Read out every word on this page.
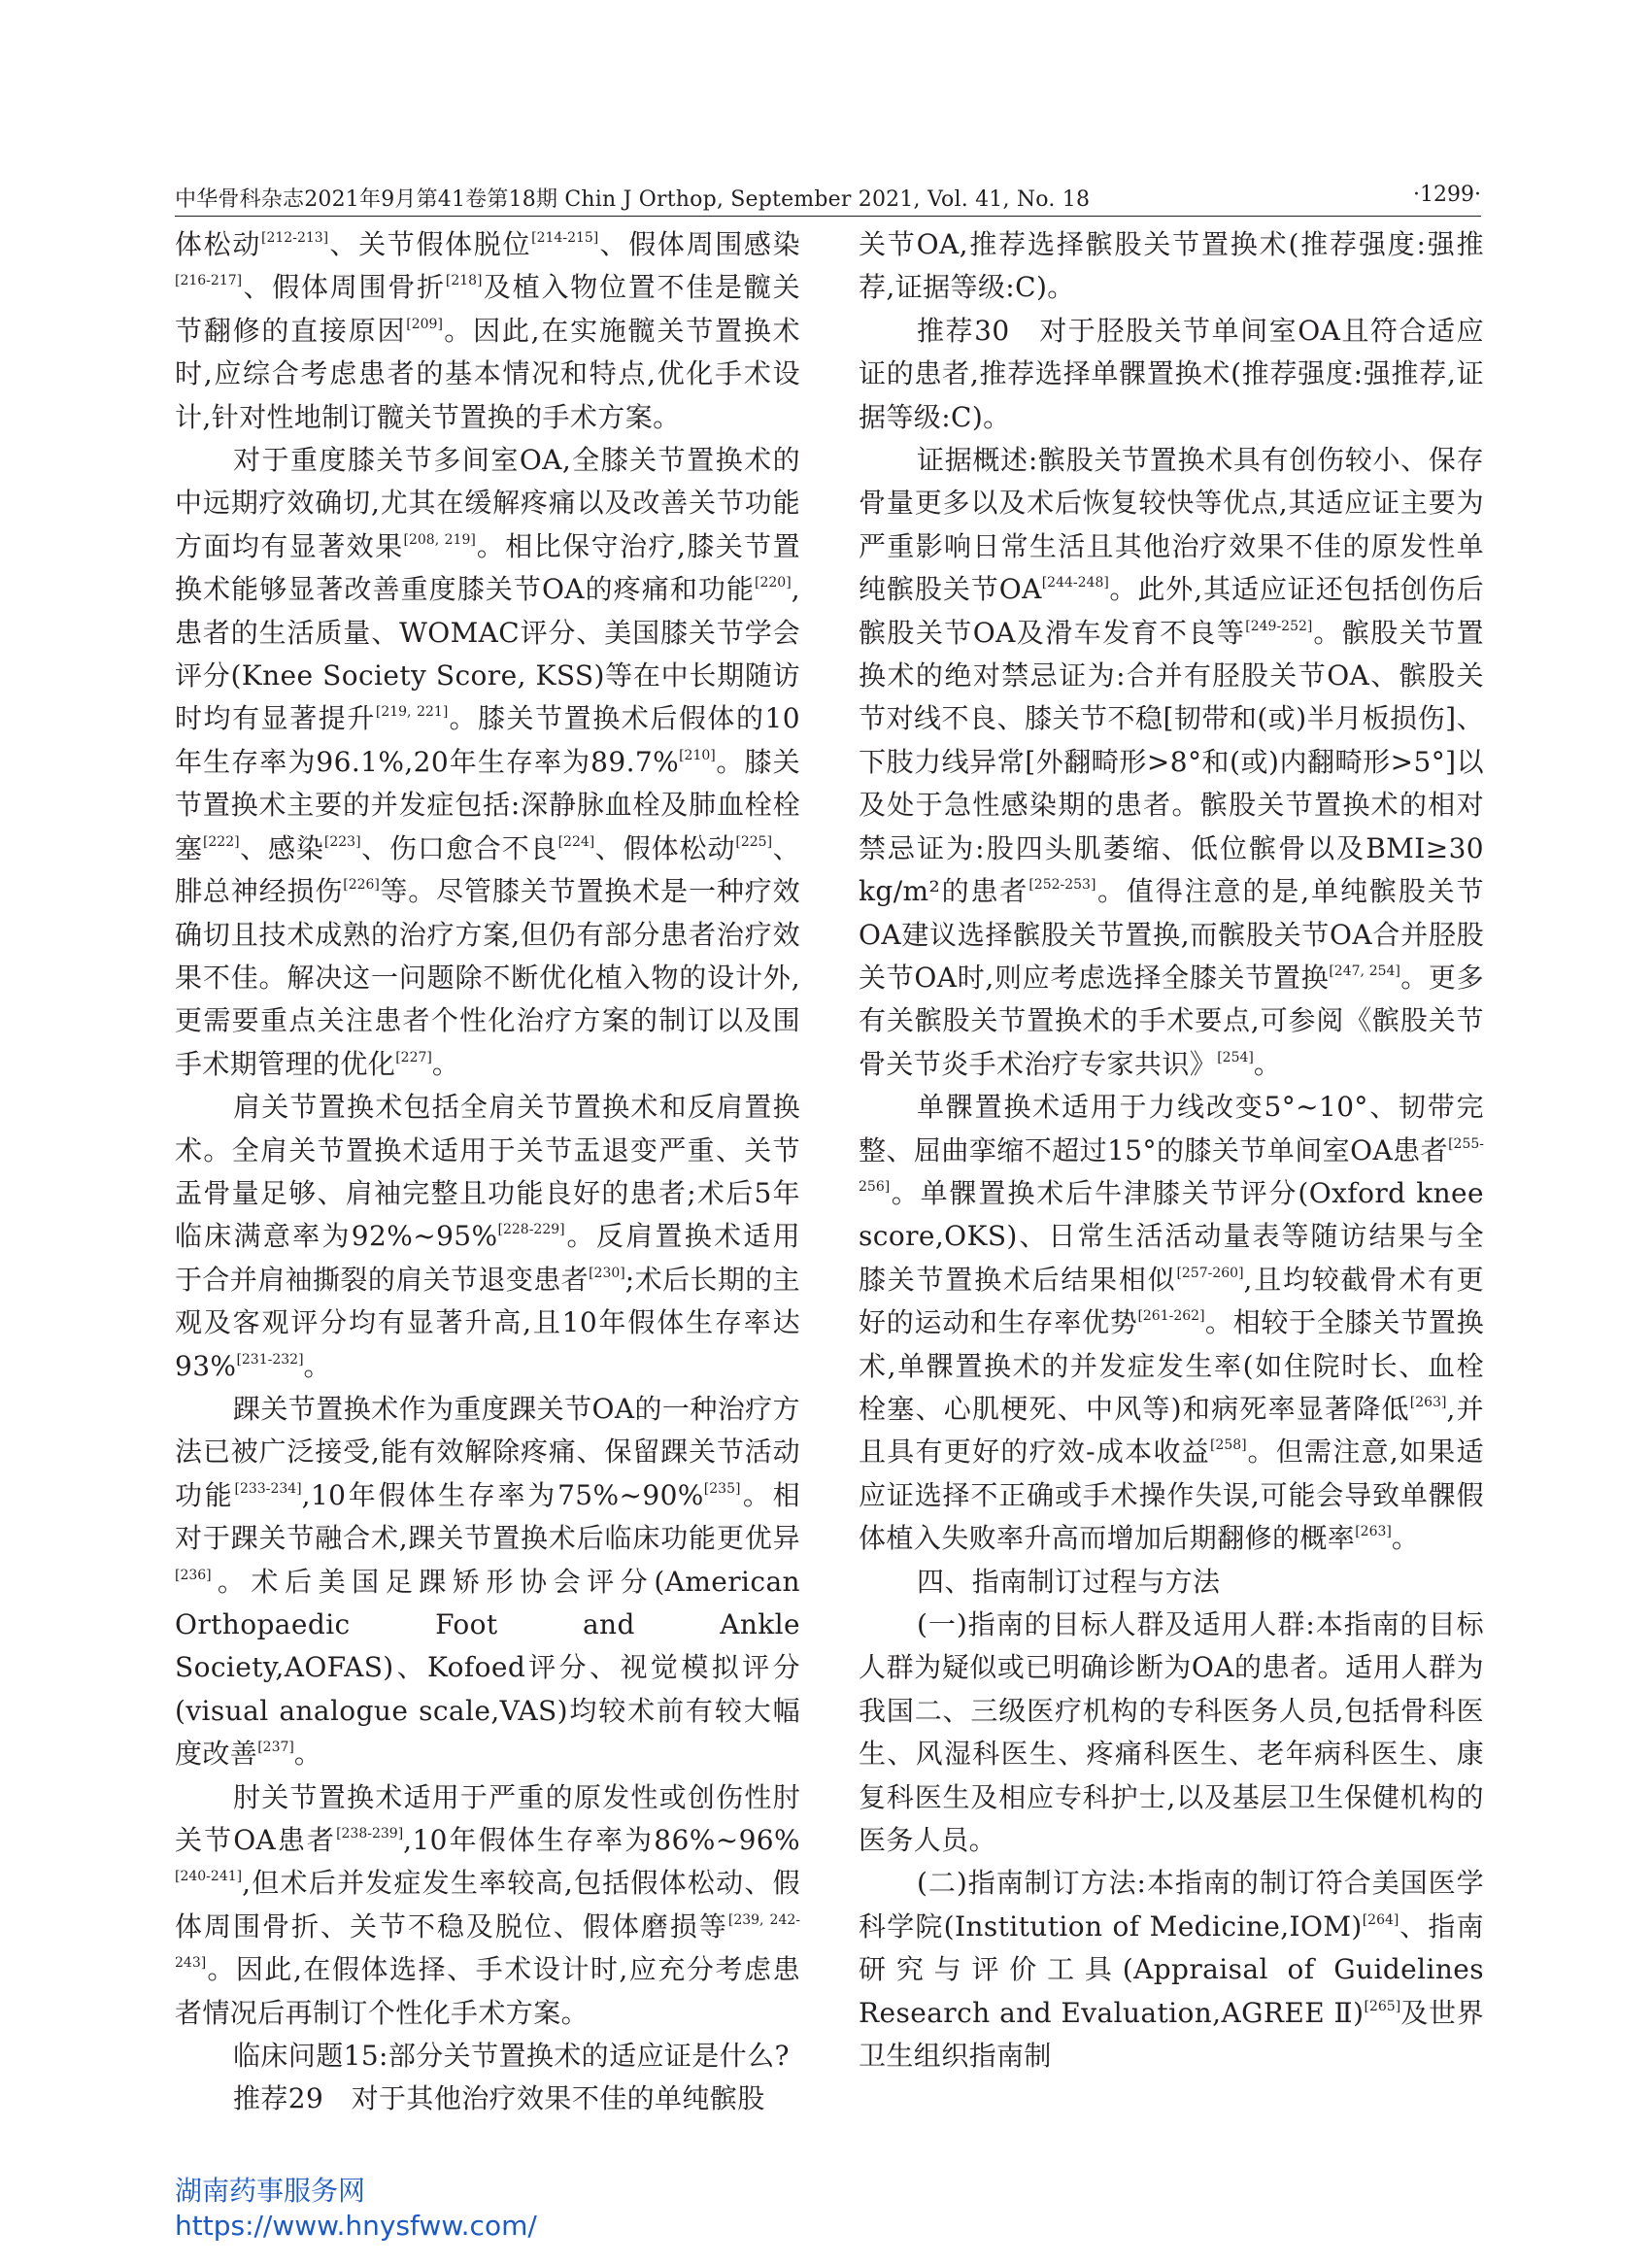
中华骨科杂志2021年9月第41卷第18期 Chin J Orthop, September 2021, Vol. 41, No. 18	·1299·

体松动[212-213]、关节假体脱位[214-215]、假体周围感染[216-217]、假体周围骨折[218]及植入物位置不佳是髋关节翻修的直接原因[209]。因此,在实施髋关节置换术时,应综合考虑患者的基本情况和特点,优化手术设计,针对性地制订髋关节置换的手术方案。

对于重度膝关节多间室OA,全膝关节置换术的中远期疗效确切,尤其在缓解疼痛以及改善关节功能方面均有显著效果[208, 219]。相比保守治疗,膝关节置换术能够显著改善重度膝关节OA的疼痛和功能[220],患者的生活质量、WOMAC评分、美国膝关节学会评分(Knee Society Score, KSS)等在中长期随访时均有显著提升[219, 221]。膝关节置换术后假体的10年生存率为96.1%,20年生存率为89.7%[210]。膝关节置换术主要的并发症包括:深静脉血栓及肺血栓栓塞[222]、感染[223]、伤口愈合不良[224]、假体松动[225]、腓总神经损伤[226]等。尽管膝关节置换术是一种疗效确切且技术成熟的治疗方案,但仍有部分患者治疗效果不佳。解决这一问题除不断优化植入物的设计外,更需要重点关注患者个性化治疗方案的制订以及围手术期管理的优化[227]。

肩关节置换术包括全肩关节置换术和反肩置换术。全肩关节置换术适用于关节盂退变严重、关节盂骨量足够、肩袖完整且功能良好的患者;术后5年临床满意率为92%~95%[228-229]。反肩置换术适用于合并肩袖撕裂的肩关节退变患者[230];术后长期的主观及客观评分均有显著升高,且10年假体生存率达93%[231-232]。

踝关节置换术作为重度踝关节OA的一种治疗方法已被广泛接受,能有效解除疼痛、保留踝关节活动功能[233-234],10年假体生存率为75%~90%[235]。相对于踝关节融合术,踝关节置换术后临床功能更优异[236]。术后美国足踝矫形协会评分(American Orthopaedic Foot and Ankle Society,AOFAS)、Kofoed评分、视觉模拟评分(visual analogue scale,VAS)均较术前有较大幅度改善[237]。

肘关节置换术适用于严重的原发性或创伤性肘关节OA患者[238-239],10年假体生存率为86%~96%[240-241],但术后并发症发生率较高,包括假体松动、假体周围骨折、关节不稳及脱位、假体磨损等[239, 242- 243]。因此,在假体选择、手术设计时,应充分考虑患者情况后再制订个性化手术方案。

临床问题15:部分关节置换术的适应证是什么?

推荐29　对于其他治疗效果不佳的单纯髌股

关节OA,推荐选择髌股关节置换术(推荐强度:强推荐,证据等级:C)。

推荐30　对于胫股关节单间室OA且符合适应证的患者,推荐选择单髁置换术(推荐强度:强推荐,证据等级:C)。

证据概述:髌股关节置换术具有创伤较小、保存骨量更多以及术后恢复较快等优点,其适应证主要为严重影响日常生活且其他治疗效果不佳的原发性单纯髌股关节OA[244-248]。此外,其适应证还包括创伤后髌股关节OA及滑车发育不良等[249-252]。髌股关节置换术的绝对禁忌证为:合并有胫股关节OA、髌股关节对线不良、膝关节不稳[韧带和(或)半月板损伤]、下肢力线异常[外翻畸形>8°和(或)内翻畸形>5°]以及处于急性感染期的患者。髌股关节置换术的相对禁忌证为:股四头肌萎缩、低位髌骨以及BMI≥30 kg/m²的患者[252-253]。值得注意的是,单纯髌股关节OA建议选择髌股关节置换,而髌股关节OA合并胫股关节OA时,则应考虑选择全膝关节置换[247, 254]。更多有关髌股关节置换术的手术要点,可参阅《髌股关节骨关节炎手术治疗专家共识》[254]。

单髁置换术适用于力线改变5°~10°、韧带完整、屈曲挛缩不超过15°的膝关节单间室OA患者[255-256]。单髁置换术后牛津膝关节评分(Oxford knee score,OKS)、日常生活活动量表等随访结果与全膝关节置换术后结果相似[257-260],且均较截骨术有更好的运动和生存率优势[261-262]。相较于全膝关节置换术,单髁置换术的并发症发生率(如住院时长、血栓栓塞、心肌梗死、中风等)和病死率显著降低[263],并且具有更好的疗效-成本收益[258]。但需注意,如果适应证选择不正确或手术操作失误,可能会导致单髁假体植入失败率升高而增加后期翻修的概率[263]。

四、指南制订过程与方法

(一)指南的目标人群及适用人群:本指南的目标人群为疑似或已明确诊断为OA的患者。适用人群为我国二、三级医疗机构的专科医务人员,包括骨科医生、风湿科医生、疼痛科医生、老年病科医生、康复科医生及相应专科护士,以及基层卫生保健机构的医务人员。

(二)指南制订方法:本指南的制订符合美国医学科学院(Institution of Medicine,IOM)[264]、指南研究与评价工具(Appraisal of Guidelines Research and Evaluation,AGREE Ⅱ)[265]及世界卫生组织指南制

湖南药事服务网
https://www.hnysfww.com/
